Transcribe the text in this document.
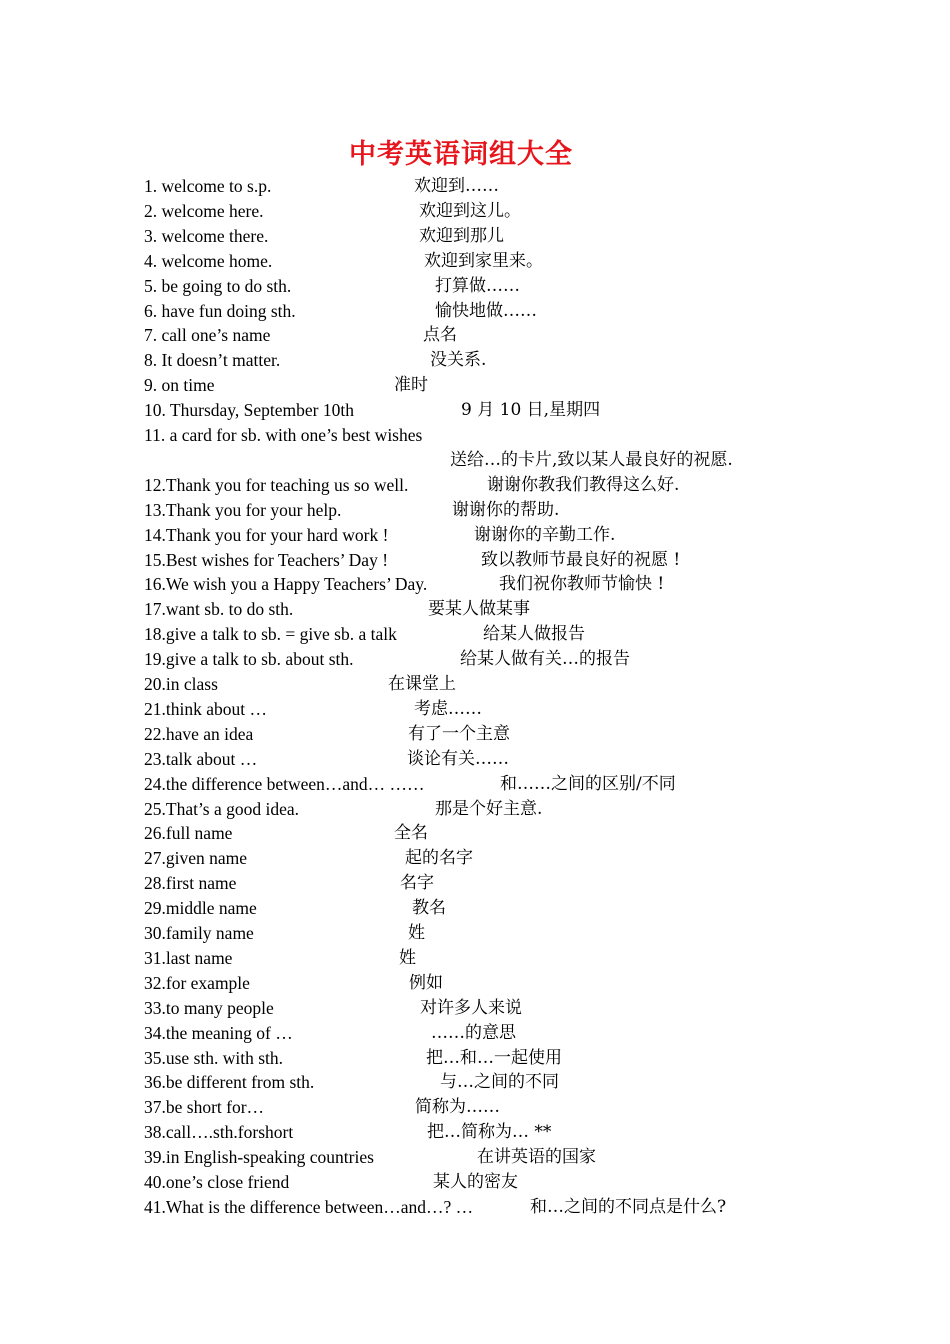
中考英语词组大全
1. welcome to s.p.	欢迎到……
2. welcome here.	欢迎到这儿。
3. welcome there.	欢迎到那儿
4. welcome home.	欢迎到家里来。
5. be going to do sth.	打算做……
6. have fun doing sth.	愉快地做……
7. call one’s name	点名
8. It doesn’t matter.	没关系.
9. on time	准时
10. Thursday, September 10th	9 月 10 日,星期四
11. a card for sb. with one’s best wishes
送给…的卡片,致以某人最良好的祝愿.
12.Thank you for teaching us so well.	谢谢你教我们教得这么好.
13.Thank you for your help.	谢谢你的帮助.
14.Thank you for your hard work !	谢谢你的辛勤工作.
15.Best wishes for Teachers’ Day !	致以教师节最良好的祝愿 !
16.We wish you a Happy Teachers’ Day.	我们祝你教师节愉快 !
17.want sb. to do sth.	要某人做某事
18.give a talk to sb. = give sb. a talk	给某人做报告
19.give a talk to sb. about sth.	给某人做有关…的报告
20.in class	在课堂上
21.think about …	考虑……
22.have an idea	有了一个主意
23.talk about …	谈论有关……
24.the difference between…and… ……	和……之间的区别/不同
25.That’s a good idea.	那是个好主意.
26.full name	全名
27.given name	起的名字
28.first name	名字
29.middle name	教名
30.family name	姓
31.last name	姓
32.for example	例如
33.to many people	对许多人来说
34.the meaning of …	……的意思
35.use sth. with sth.	把…和…一起使用
36.be different from sth.	与…之间的不同
37.be short for…	简称为……
38.call….sth.forshort	把…简称为… **
39.in English-speaking countries	在讲英语的国家
40.one’s close friend	某人的密友
41.What is the difference between…and…? …	和…之间的不同点是什么?
